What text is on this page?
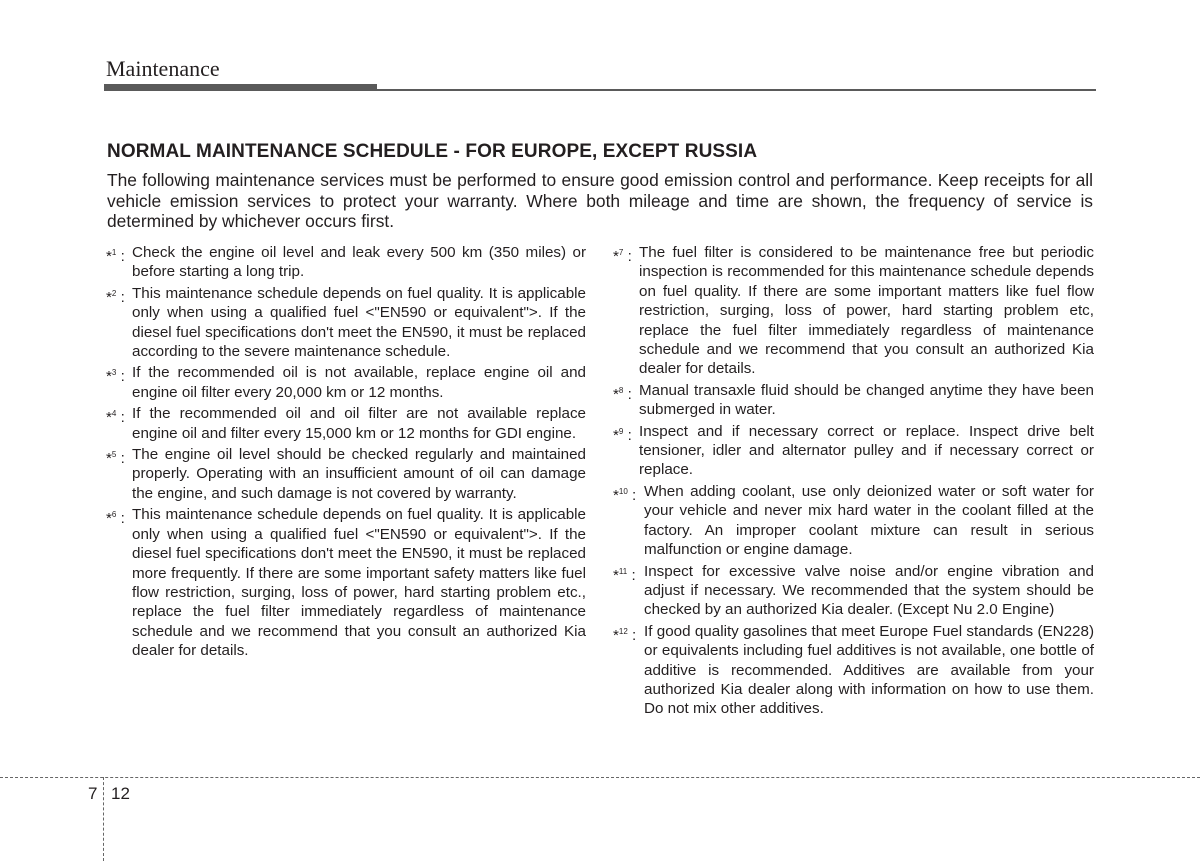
Maintenance
NORMAL MAINTENANCE SCHEDULE - FOR EUROPE, EXCEPT RUSSIA
The following maintenance services must be performed to ensure good emission control and performance. Keep receipts for all vehicle emission services to protect your warranty. Where both mileage and time are shown, the frequency of service is determined by whichever occurs first.
*$^1$ : Check the engine oil level and leak every 500 km (350 miles) or before starting a long trip.
*$^2$ : This maintenance schedule depends on fuel quality. It is applicable only when using a qualified fuel <"EN590 or equivalent">. If the diesel fuel specifications don't meet the EN590, it must be replaced according to the severe maintenance schedule.
*$^3$ : If the recommended oil is not available, replace engine oil and engine oil filter every 20,000 km or 12 months.
*$^4$ : If the recommended oil and oil filter are not available replace engine oil and filter every 15,000 km or 12 months for GDI engine.
*$^5$ : The engine oil level should be checked regularly and maintained properly. Operating with an insufficient amount of oil can damage the engine, and such damage is not covered by warranty.
*$^6$ : This maintenance schedule depends on fuel quality. It is applicable only when using a qualified fuel <"EN590 or equivalent">. If the diesel fuel specifications don't meet the EN590, it must be replaced more frequently. If there are some important safety matters like fuel flow restriction, surging, loss of power, hard starting problem etc., replace the fuel filter immediately regardless of maintenance schedule and we recommend that you consult an authorized Kia dealer for details.
*$^7$ : The fuel filter is considered to be maintenance free but periodic inspection is recommended for this maintenance schedule depends on fuel quality. If there are some important matters like fuel flow restriction, surging, loss of power, hard starting problem etc, replace the fuel filter immediately regardless of maintenance schedule and we recommend that you consult an authorized Kia dealer for details.
*$^8$ : Manual transaxle fluid should be changed anytime they have been submerged in water.
*$^9$ : Inspect and if necessary correct or replace. Inspect drive belt tensioner, idler and alternator pulley and if necessary correct or replace.
*$^{10}$ : When adding coolant, use only deionized water or soft water for your vehicle and never mix hard water in the coolant filled at the factory. An improper coolant mixture can result in serious malfunction or engine damage.
*$^{11}$ : Inspect for excessive valve noise and/or engine vibration and adjust if necessary. We recommended that the system should be checked by an authorized Kia dealer. (Except Nu 2.0 Engine)
*$^{12}$ : If good quality gasolines that meet Europe Fuel standards (EN228) or equivalents including fuel additives is not available, one bottle of additive is recommended. Additives are available from your authorized Kia dealer along with information on how to use them. Do not mix other additives.
7 12
